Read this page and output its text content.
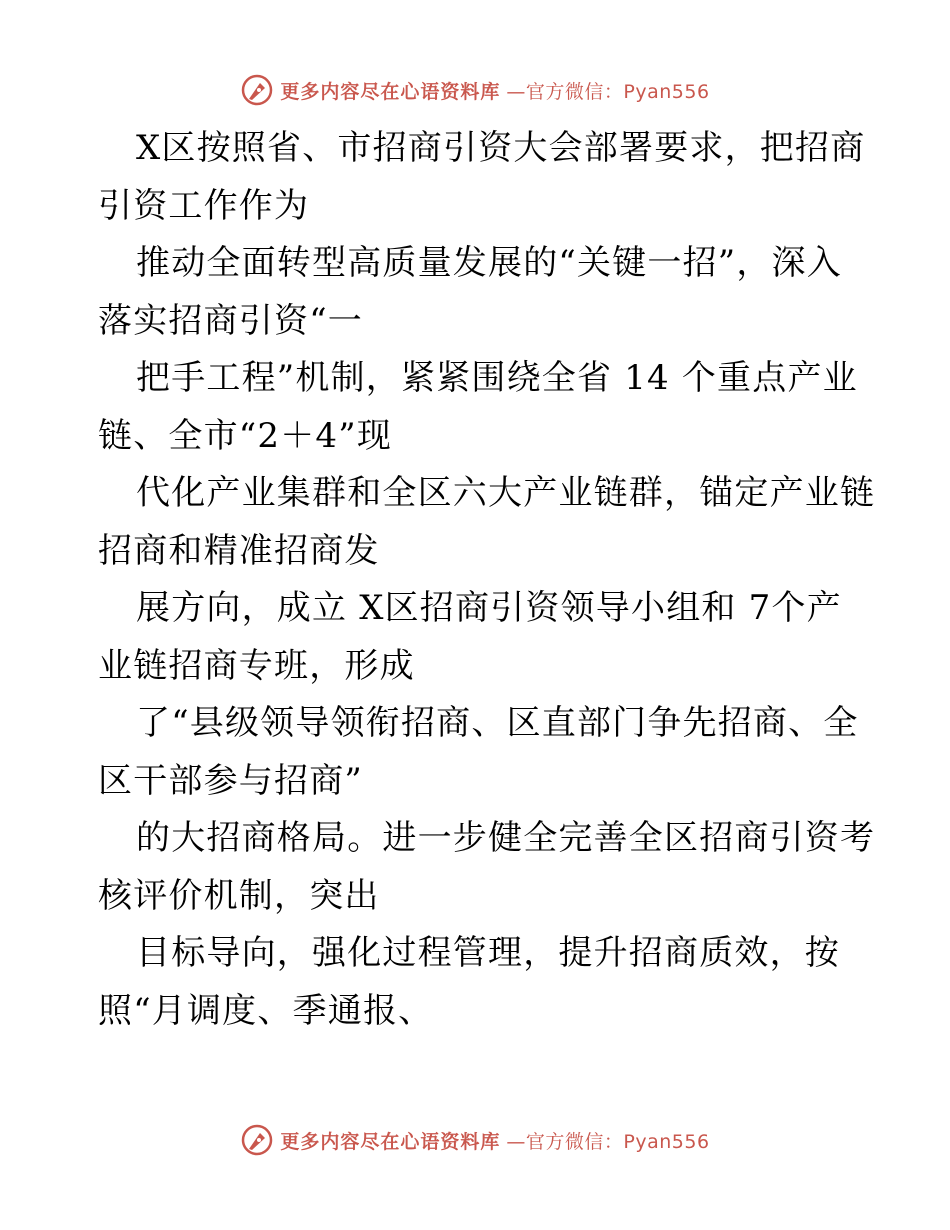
更多内容尽在心语资料库 —官方微信：Pyan556
X区按照省、市招商引资大会部署要求，把招商
引资工作作为
推动全面转型高质量发展的“关键一招”，深入
落实招商引资“一
把手工程”机制，紧紧围绕全省 14 个重点产业
链、全市“2＋4”现
代化产业集群和全区六大产业链群，锚定产业链
招商和精准招商发
展方向，成立 X区招商引资领导小组和 7个产
业链招商专班，形成
了“县级领导领衔招商、区直部门争先招商、全
区干部参与招商”
的大招商格局。进一步健全完善全区招商引资考
核评价机制，突出
目标导向，强化过程管理，提升招商质效，按
照“月调度、季通报、
更多内容尽在心语资料库 —官方微信：Pyan556
